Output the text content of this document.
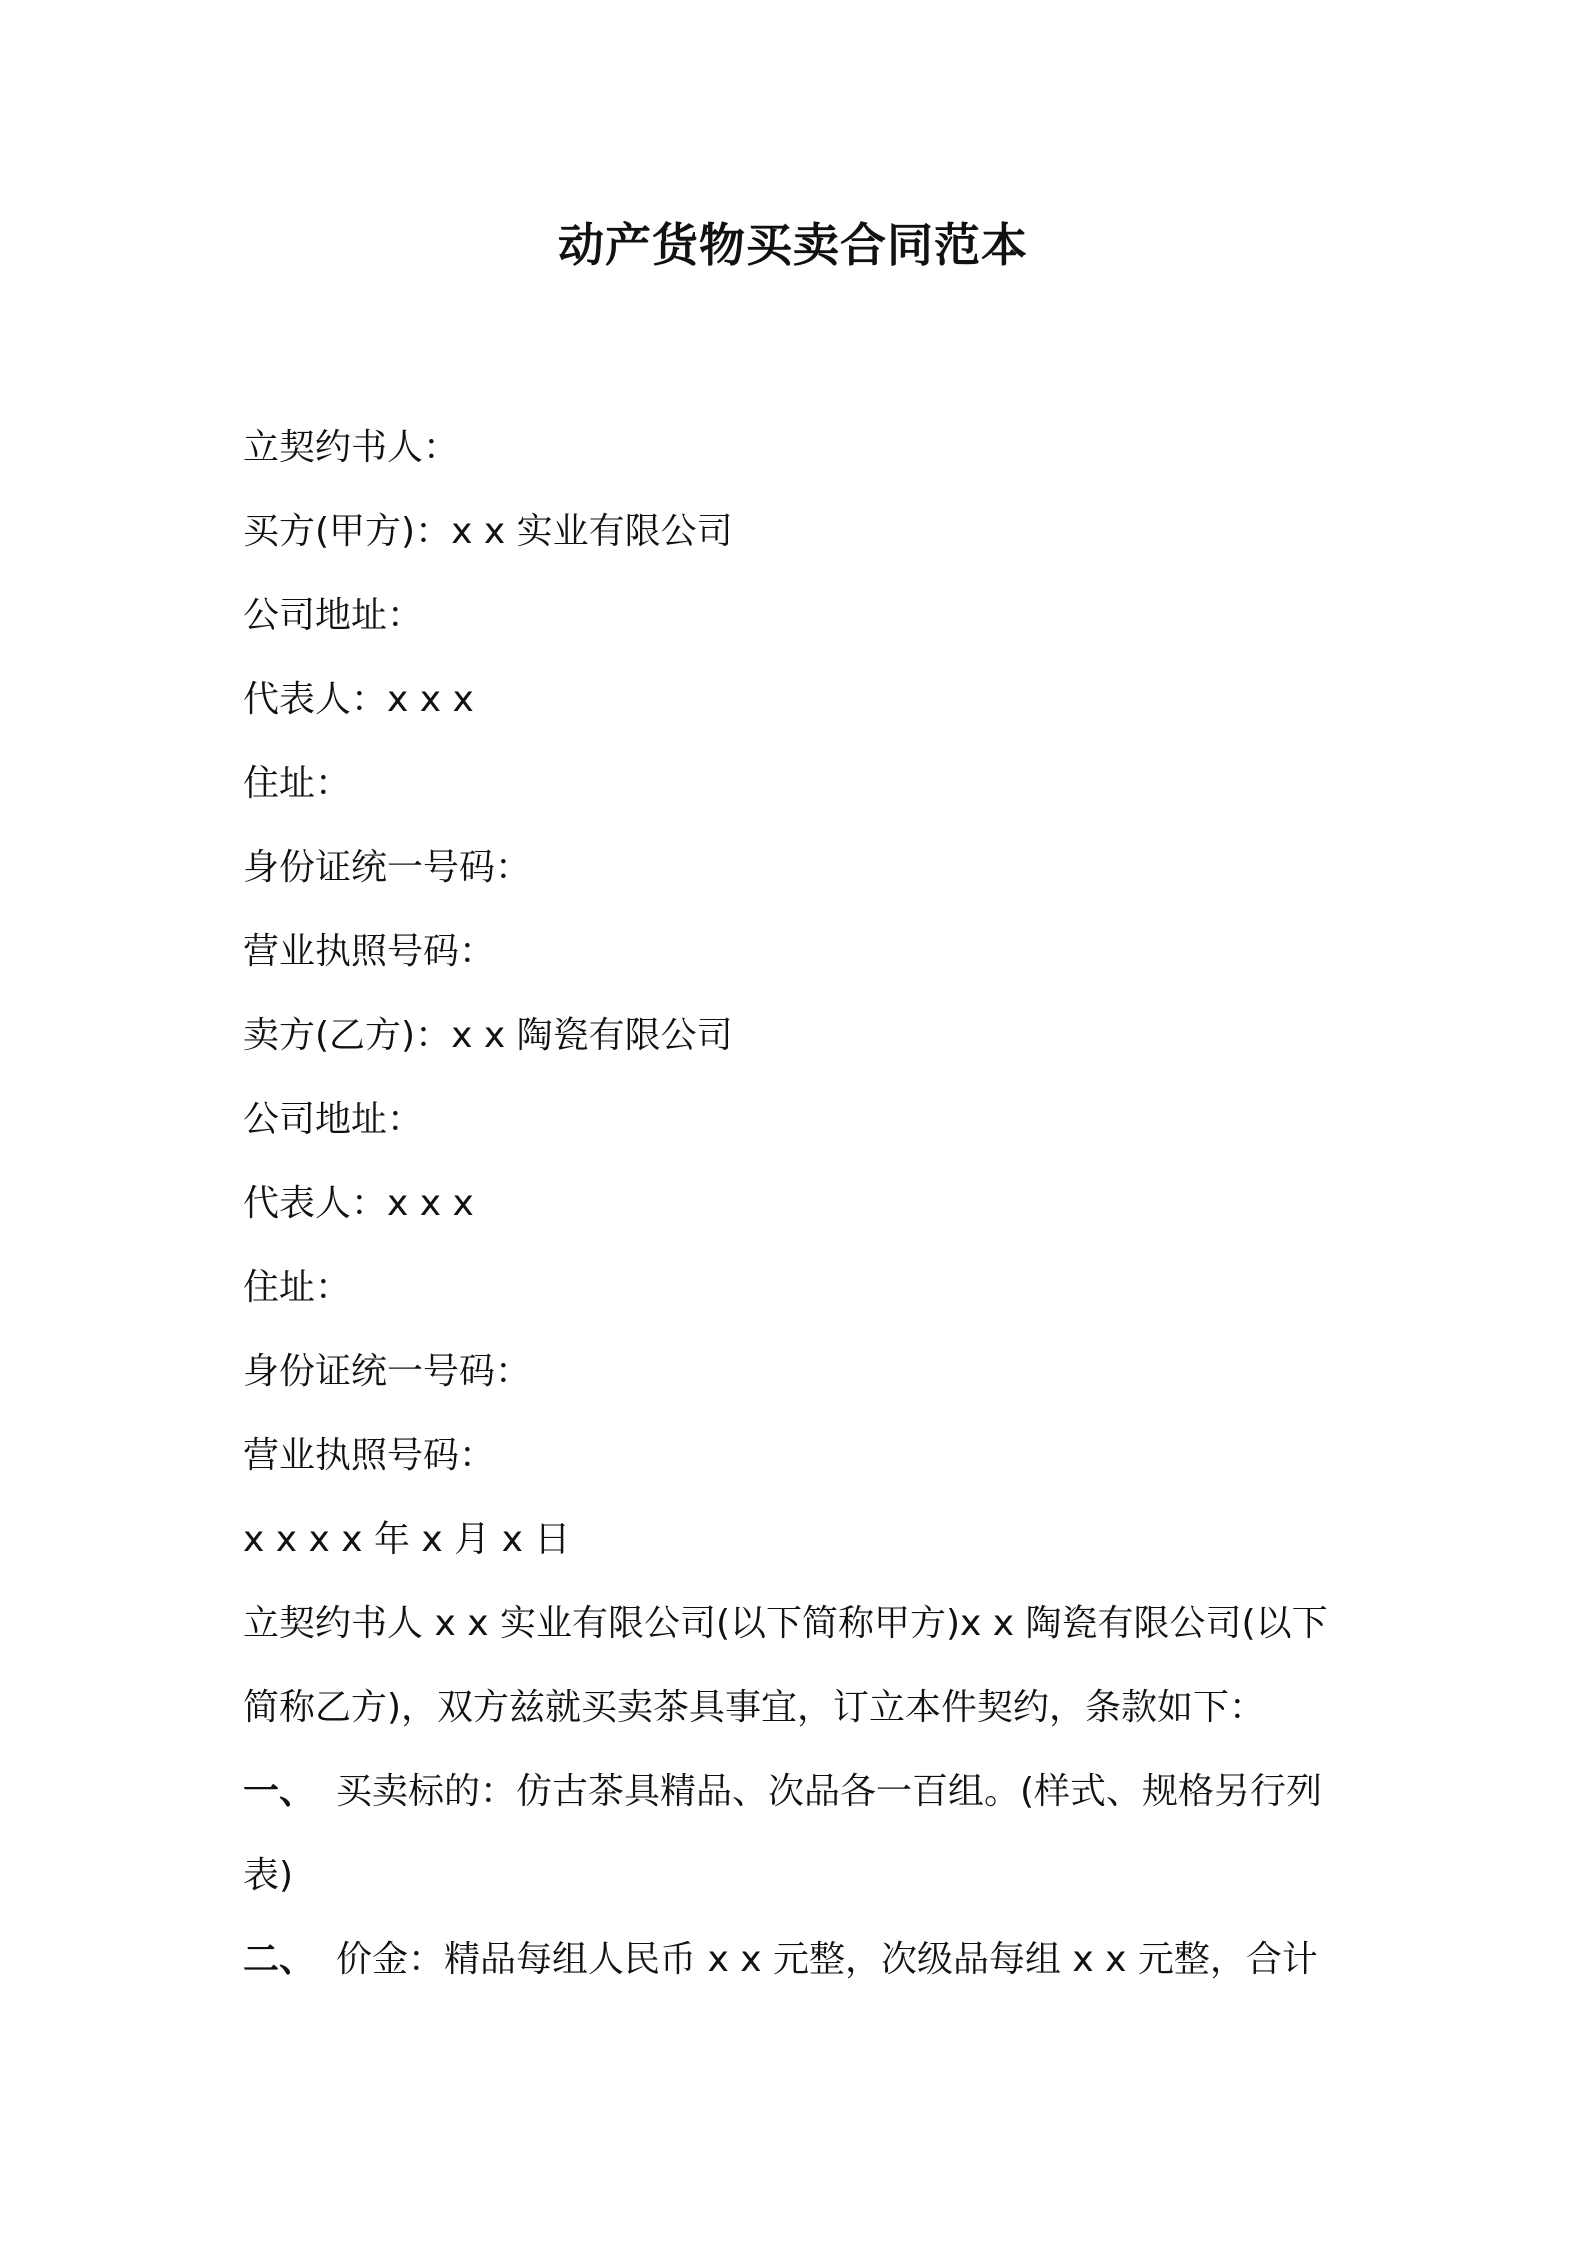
动产货物买卖合同范本
立契约书人：
买方(甲方)：x x 实业有限公司
公司地址：
代表人：x x x
住址：
身份证统一号码：
营业执照号码：
卖方(乙方)：x x 陶瓷有限公司
公司地址：
代表人：x x x
住址：
身份证统一号码：
营业执照号码：
x x x x 年 x 月 x 日
立契约书人 x x 实业有限公司(以下简称甲方)x x 陶瓷有限公司(以下简称乙方)，双方兹就买卖茶具事宜，订立本件契约，条款如下：
一、 买卖标的：仿古茶具精品、次品各一百组。(样式、规格另行列表)
二、 价金：精品每组人民币 x x 元整，次级品每组 x x 元整，合计
